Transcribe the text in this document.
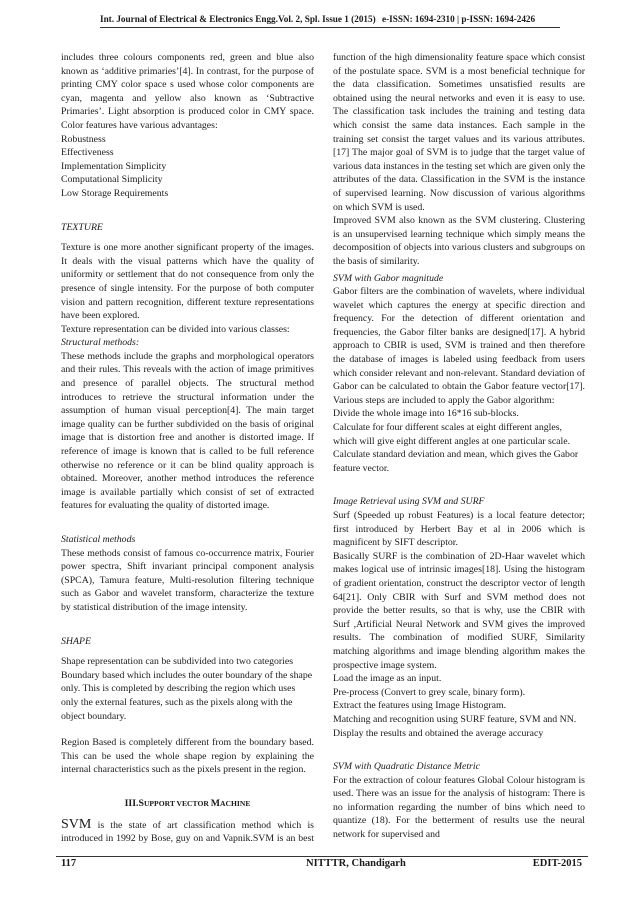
Int. Journal of Electrical & Electronics Engg. Vol. 2, Spl. Issue 1 (2015) e-ISSN: 1694-2310 | p-ISSN: 1694-2426

includes three colours components red, green and blue also known as ‘additive primaries’[4]. In contrast, for the purpose of printing CMY color space s used whose color components are cyan, magenta and yellow also known as ‘Subtractive Primaries’. Light absorption is produced color in CMY space. Color features have various advantages:

Robustness

Effectiveness

Implementation Simplicity

Computational Simplicity

Low Storage Requirements

TEXTURE

Texture is one more another significant property of the images. It deals with the visual patterns which have the quality of uniformity or settlement that do not consequence from only the presence of single intensity. For the purpose of both computer vision and pattern recognition, different texture representations have been explored.

Texture representation can be divided into various classes:

Structural methods:

These methods include the graphs and morphological operators and their rules. This reveals with the action of image primitives and presence of parallel objects. The structural method introduces to retrieve the structural information under the assumption of human visual perception[4]. The main target image quality can be further subdivided on the basis of original image that is distortion free and another is distorted image. If reference of image is known that is called to be full reference otherwise no reference or it can be blind quality approach is obtained. Moreover, another method introduces the reference image is available partially which consist of set of extracted features for evaluating the quality of distorted image.

Statistical methods

These methods consist of famous co-occurrence matrix, Fourier power spectra, Shift invariant principal component analysis (SPCA), Tamura feature, Multi-resolution filtering technique such as Gabor and wavelet transform, characterize the texture by statistical distribution of the image intensity.

SHAPE

Shape representation can be subdivided into two categories

Boundary based which includes the outer boundary of the shape only. This is completed by describing the region which uses only the external features, such as the pixels along with the object boundary.

Region Based is completely different from the boundary based. This can be used the whole shape region by explaining the internal characteristics such as the pixels present in the region.

III.SUPPORT VECTOR MACHINE

SVM is the state of art classification method which is introduced in 1992 by Bose, guy on and Vapnik.SVM is an best

function of the high dimensionality feature space which consist of the postulate space. SVM is a most beneficial technique for the data classification. Sometimes unsatisfied results are obtained using the neural networks and even it is easy to use. The classification task includes the training and testing data which consist the same data instances. Each sample in the training set consist the target values and its various attributes.[17] The major goal of SVM is to judge that the target value of various data instances in the testing set which are given only the attributes of the data. Classification in the SVM is the instance of supervised learning. Now discussion of various algorithms on which SVM is used.

Improved SVM also known as the SVM clustering. Clustering is an unsupervised learning technique which simply means the decomposition of objects into various clusters and subgroups on the basis of similarity.

SVM with Gabor magnitude

Gabor filters are the combination of wavelets, where individual wavelet which captures the energy at specific direction and frequency. For the detection of different orientation and frequencies, the Gabor filter banks are designed[17]. A hybrid approach to CBIR is used, SVM is trained and then therefore the database of images is labeled using feedback from users which consider relevant and non-relevant. Standard deviation of Gabor can be calculated to obtain the Gabor feature vector[17]. Various steps are included to apply the Gabor algorithm:

Divide the whole image into 16*16 sub-blocks.

Calculate for four different scales at eight different angles, which will give eight different angles at one particular scale.

Calculate standard deviation and mean, which gives the Gabor feature vector.

Image Retrieval using SVM and SURF

Surf (Speeded up robust Features) is a local feature detector; first introduced by Herbert Bay et al in 2006 which is magnificent by SIFT descriptor.

Basically SURF is the combination of 2D-Haar wavelet which makes logical use of intrinsic images[18]. Using the histogram of gradient orientation, construct the descriptor vector of length 64[21]. Only CBIR with Surf and SVM method does not provide the better results, so that is why, use the CBIR with Surf ,Artificial Neural Network and SVM gives the improved results. The combination of modified SURF, Similarity matching algorithms and image blending algorithm makes the prospective image system.

Load the image as an input.

Pre-process (Convert to grey scale, binary form).

Extract the features using Image Histogram.

Matching and recognition using SURF feature, SVM and NN.

Display the results and obtained the average accuracy

SVM with Quadratic Distance Metric

For the extraction of colour features Global Colour histogram is used. There was an issue for the analysis of histogram: There is no information regarding the number of bins which need to quantize (18). For the betterment of results use the neural network for supervised and

117	NITTTR, Chandigarh	EDIT-2015
